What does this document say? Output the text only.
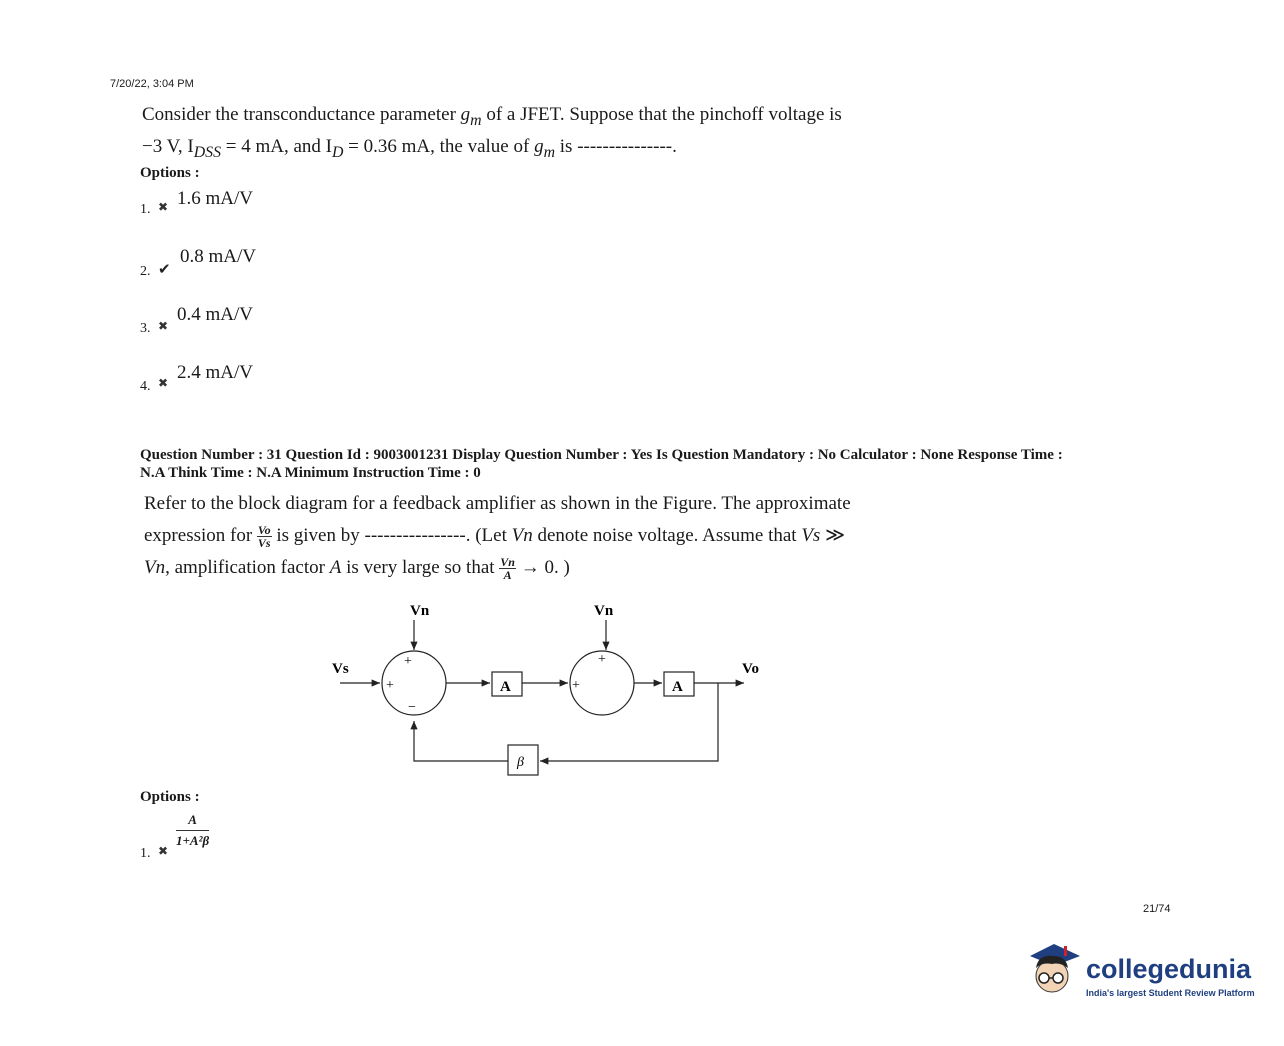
7/20/22, 3:04 PM
Consider the transconductance parameter $g_m$ of a JFET. Suppose that the pinchoff voltage is
−3 V, $I_{DSS} = 4$ mA, and $I_D = 0.36$ mA, the value of $g_m$ is ---------------.
Options :
1. ✖ 1.6 mA/V
2. ✔
0.8 mA/V
3. ✖
0.4 mA/V
4. ✖ 2.4 mA/V
Question Number : 31 Question Id : 9003001231 Display Question Number : Yes Is Question Mandatory : No Calculator : None Response Time :
N.A Think Time : N.A Minimum Instruction Time : 0
Refer to the block diagram for a feedback amplifier as shown in the Figure. The approximate
expression for $\frac{Vo}{Vs}$ is given by ----------------. (Let Vn denote noise voltage. Assume that Vs ≫
Vn, amplification factor A is very large so that $\frac{Vn}{A} \to 0$. )
Vn	Vn
Vs	Vo
+
+
−
+
+
A	A
β
Options :
1. ✖
$\frac{A}{\text{1+A²β}}$
21/74
collegedunia
India's largest Student Review Platform
